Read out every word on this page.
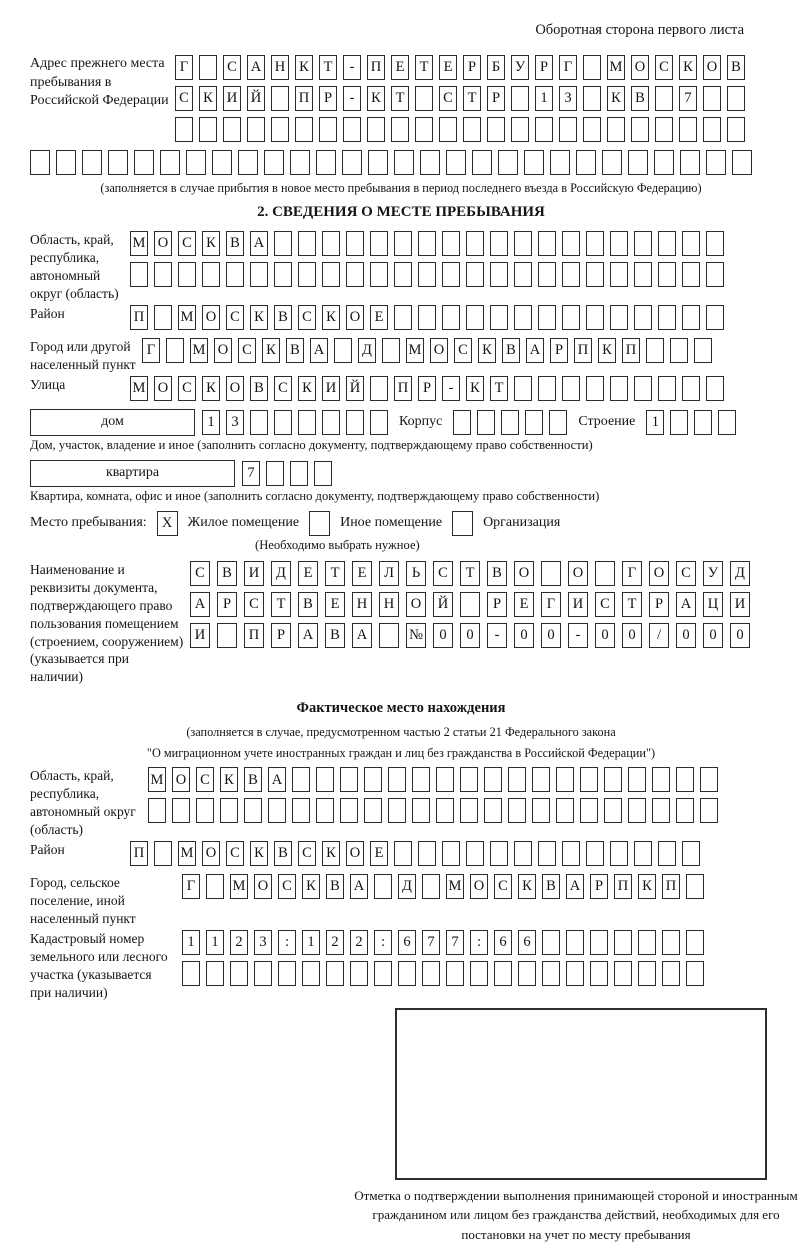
Оборотная сторона первого листа
Адрес прежнего места пребывания в Российской Федерации
Г	С А Н К	Т	-	П Е	Т	Е	Р	Б	У	Р	Г	М О С К О В
С К И Й	П	Р	-	К	Т	С	Т	Р	1	3	К В	7
(заполняется в случае прибытия в новое место пребывания в период последнего въезда в Российскую Федерацию)
2. СВЕДЕНИЯ О МЕСТЕ ПРЕБЫВАНИЯ
Область, край, республика, автономный округ (область)
М О С К В А
Район	П	М О С К В С К О Е
Город или другой населенный пункт
Г	М О С К В А	Д	М О С К В А	Р	П К П
Улица	М О С К О В С К И Й	П	Р	-	К	Т
дом	1	3	Корпус	Строение	1
Дом, участок, владение и иное (заполнить согласно документу, подтверждающему право собственности)
квартира	7
Квартира, комната, офис и иное (заполнить согласно документу, подтверждающему право собственности)
Место пребывания:	X	Жилое помещение	Иное помещение	Организация
(Необходимо выбрать нужное)
Наименование и реквизиты документа, подтверждающего право пользования помещением (строением, сооружением) (указывается при наличии)
С	В	И	Д	Е	Т	Е	Л	Ь	С	Т	В	О	О	Г	О	С	У	Д
А	Р	С	Т	В	Е	Н	Н	О	Й	Р	Е	Г	И	С	Т	Р	А	Ц	И
И	П	Р	А	В	А	№	0	0	-	0	0	-	0	0	/	0	0	0
Фактическое место нахождения
(заполняется в случае, предусмотренном частью 2 статьи 21 Федерального закона
"О миграционном учете иностранных граждан и лиц без гражданства в Российской Федерации")
Область, край, республика, автономный округ (область)
М О С К В А
Район	П	М О С К В С К О Е
Город, сельское поселение, иной населенный пункт
Г	М О С К В А	Д	М О С К В А	Р	П К П
Кадастровый номер земельного или лесного участка (указывается при наличии)
1	1	2	3	:	1	2	2	:	6	7	7	:	6	6
Отметка о подтверждении выполнения принимающей стороной и иностранным гражданином или лицом без гражданства действий, необходимых для его постановки на учет по месту пребывания
